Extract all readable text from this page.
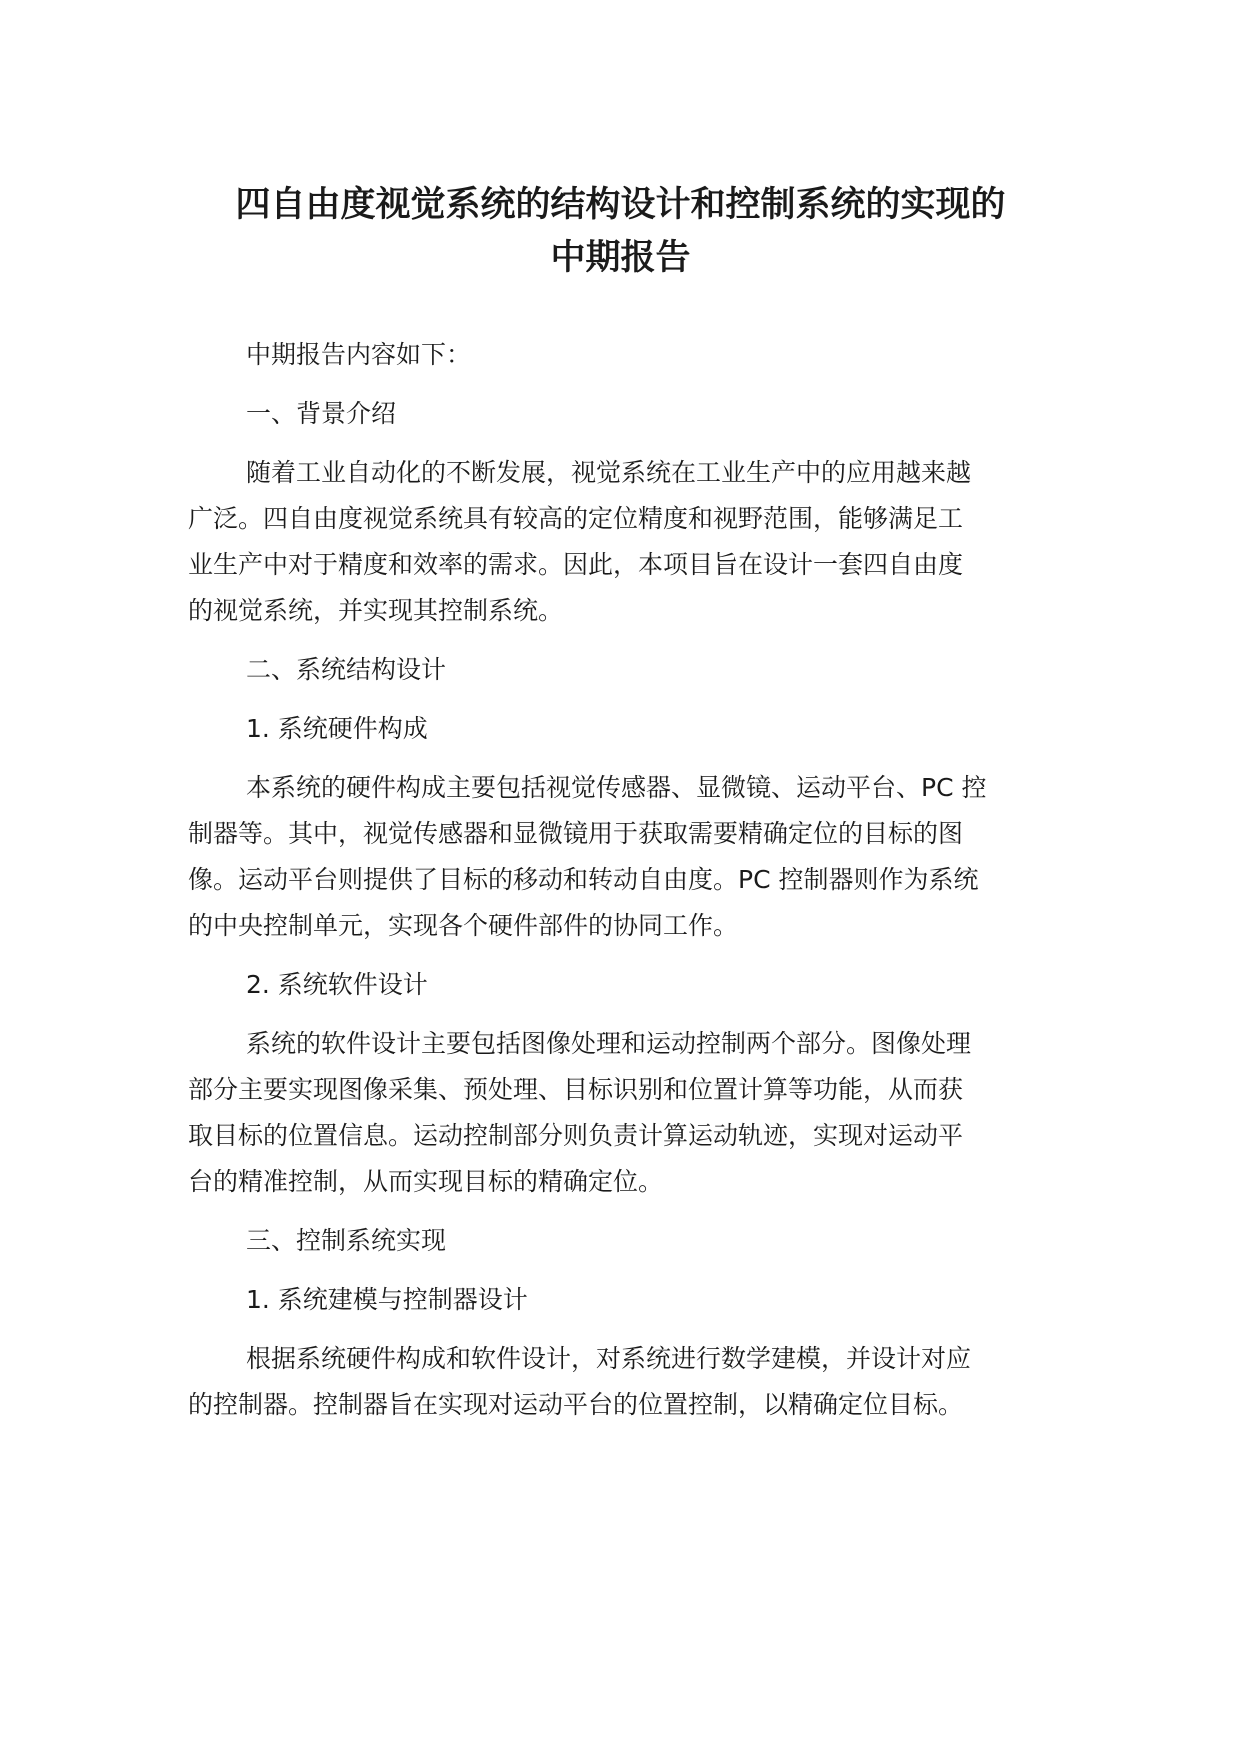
四自由度视觉系统的结构设计和控制系统的实现的
中期报告

中期报告内容如下：

一、背景介绍

随着工业自动化的不断发展，视觉系统在工业生产中的应用越来越

广泛。四自由度视觉系统具有较高的定位精度和视野范围，能够满足工

业生产中对于精度和效率的需求。因此，本项目旨在设计一套四自由度

的视觉系统，并实现其控制系统。

二、系统结构设计

1. 系统硬件构成

本系统的硬件构成主要包括视觉传感器、显微镜、运动平台、PC 控

制器等。其中，视觉传感器和显微镜用于获取需要精确定位的目标的图

像。运动平台则提供了目标的移动和转动自由度。PC 控制器则作为系统

的中央控制单元，实现各个硬件部件的协同工作。

2. 系统软件设计

系统的软件设计主要包括图像处理和运动控制两个部分。图像处理

部分主要实现图像采集、预处理、目标识别和位置计算等功能，从而获

取目标的位置信息。运动控制部分则负责计算运动轨迹，实现对运动平

台的精准控制，从而实现目标的精确定位。

三、控制系统实现

1. 系统建模与控制器设计

根据系统硬件构成和软件设计，对系统进行数学建模，并设计对应

的控制器。控制器旨在实现对运动平台的位置控制，以精确定位目标。
